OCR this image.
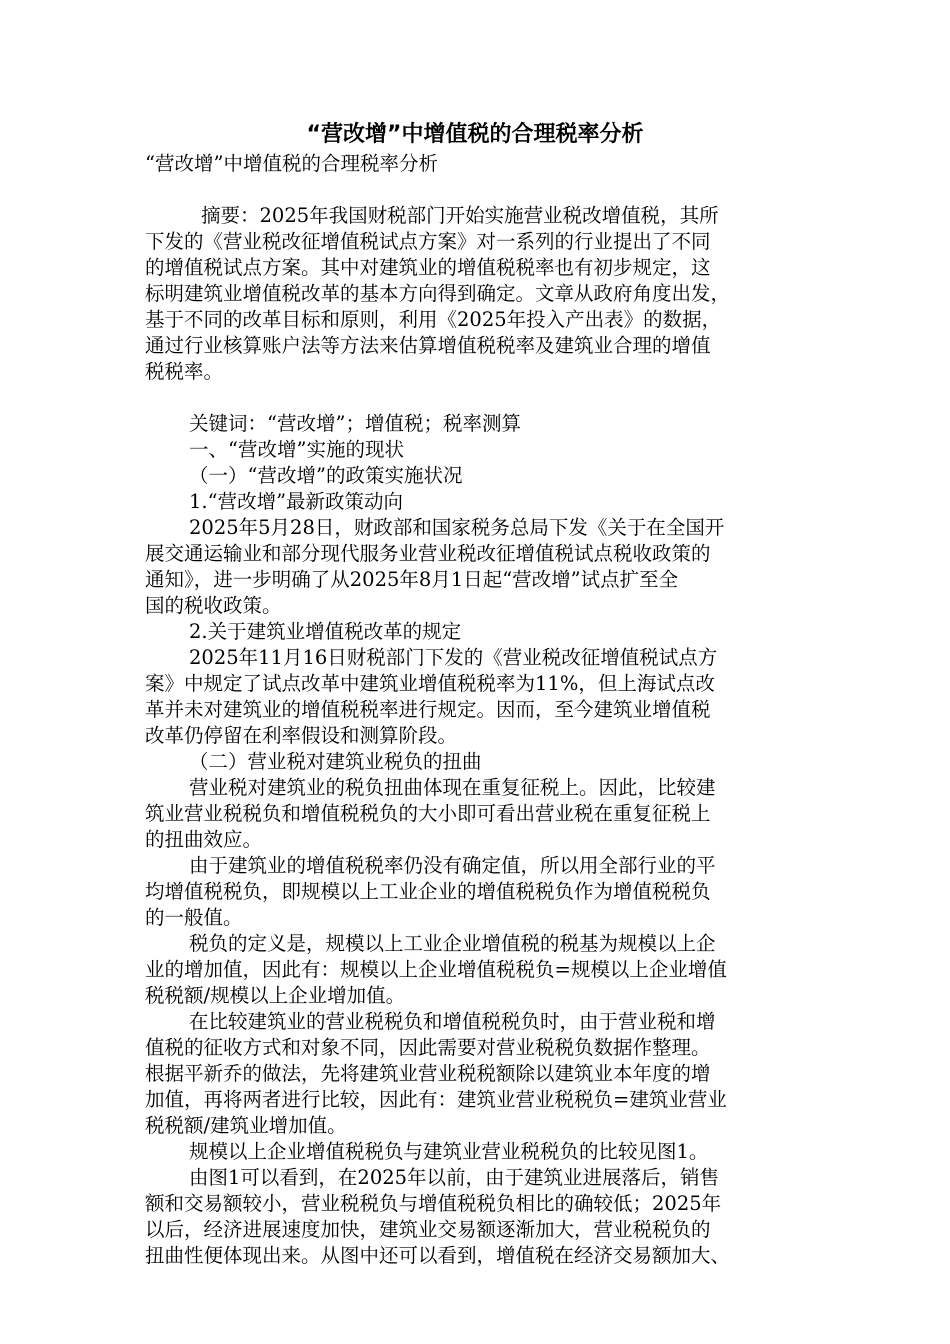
“营改增”中增值税的合理税率分析

“营改增”中增值税的合理税率分析

摘要：2025年我国财税部门开始实施营业税改增值税，其所

下发的《营业税改征增值税试点方案》对一系列的行业提出了不同

的增值税试点方案。其中对建筑业的增值税税率也有初步规定，这

标明建筑业增值税改革的基本方向得到确定。文章从政府角度出发，

基于不同的改革目标和原则，利用《2025年投入产出表》的数据，

通过行业核算账户法等方法来估算增值税税率及建筑业合理的增值

税税率。

关键词：“营改增”；增值税；税率测算

一、“营改增”实施的现状

（一）“营改增”的政策实施状况

1.“营改增”最新政策动向

2025年5月28日，财政部和国家税务总局下发《关于在全国开

展交通运输业和部分现代服务业营业税改征增值税试点税收政策的

通知》，进一步明确了从2025年8月1日起“营改增”试点扩至全

国的税收政策。

2.关于建筑业增值税改革的规定

2025年11月16日财税部门下发的《营业税改征增值税试点方

案》中规定了试点改革中建筑业增值税税率为11%，但上海试点改

革并未对建筑业的增值税税率进行规定。因而，至今建筑业增值税

改革仍停留在利率假设和测算阶段。

（二）营业税对建筑业税负的扭曲

营业税对建筑业的税负扭曲体现在重复征税上。因此，比较建

筑业营业税税负和增值税税负的大小即可看出营业税在重复征税上

的扭曲效应。

由于建筑业的增值税税率仍没有确定值，所以用全部行业的平

均增值税税负，即规模以上工业企业的增值税税负作为增值税税负

的一般值。

税负的定义是，规模以上工业企业增值税的税基为规模以上企

业的增加值，因此有：规模以上企业增值税税负=规模以上企业增值

税税额/规模以上企业增加值。

在比较建筑业的营业税税负和增值税税负时，由于营业税和增

值税的征收方式和对象不同，因此需要对营业税税负数据作整理。

根据平新乔的做法，先将建筑业营业税税额除以建筑业本年度的增

加值，再将两者进行比较，因此有：建筑业营业税税负=建筑业营业

税税额/建筑业增加值。

规模以上企业增值税税负与建筑业营业税税负的比较见图1。

由图1可以看到，在2025年以前，由于建筑业进展落后，销售

额和交易额较小，营业税税负与增值税税负相比的确较低；2025年

以后，经济进展速度加快，建筑业交易额逐渐加大，营业税税负的

扭曲性便体现出来。从图中还可以看到，增值税在经济交易额加大、
